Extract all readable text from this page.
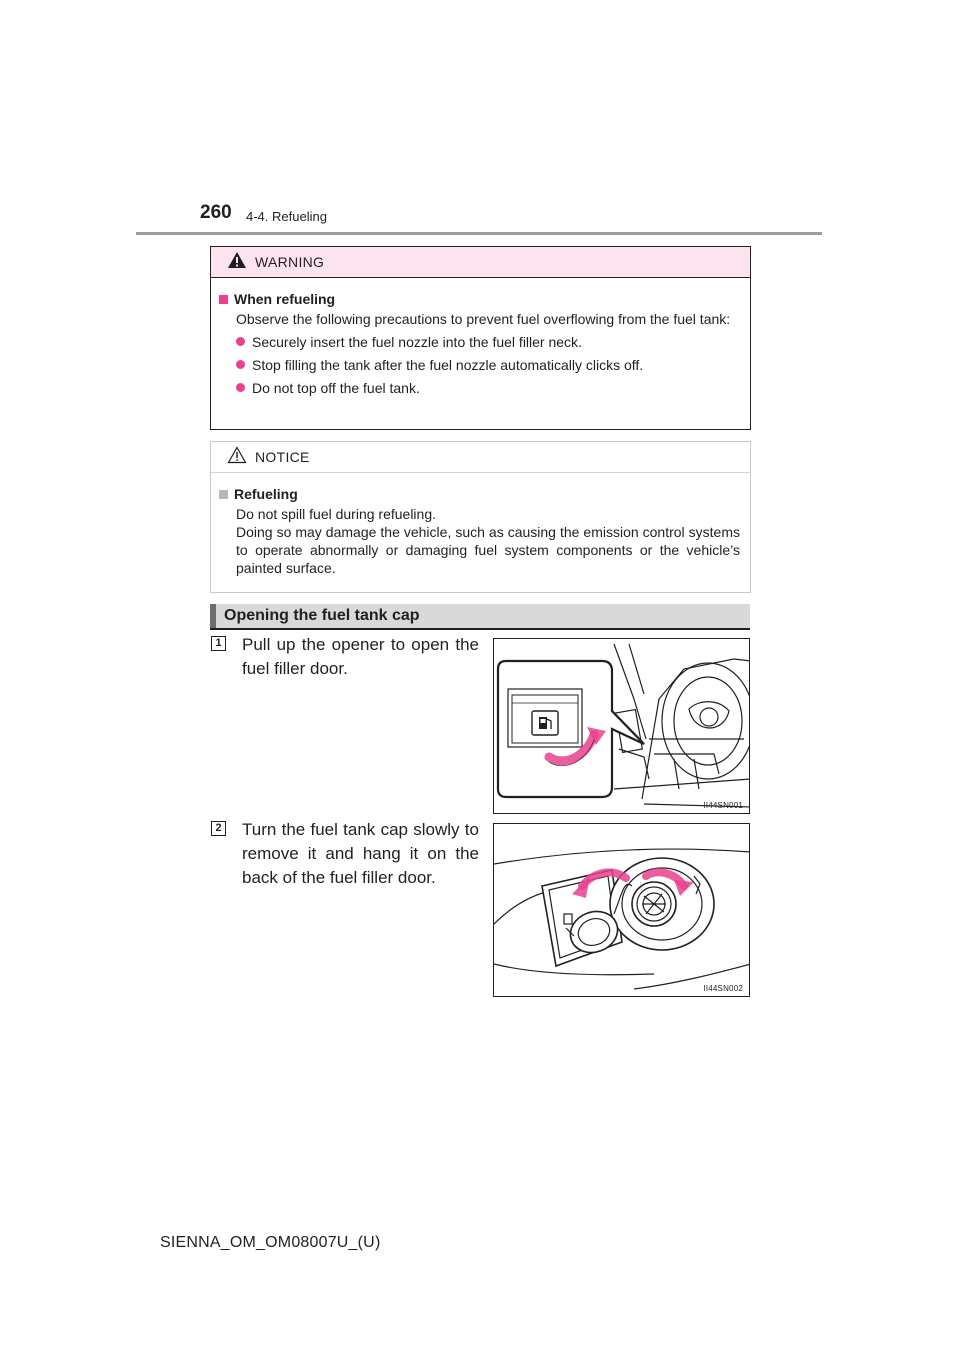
260 4-4. Refueling
WARNING
When refueling
Observe the following precautions to prevent fuel overflowing from the fuel tank:
Securely insert the fuel nozzle into the fuel filler neck.
Stop filling the tank after the fuel nozzle automatically clicks off.
Do not top off the fuel tank.
NOTICE
Refueling
Do not spill fuel during refueling.
Doing so may damage the vehicle, such as causing the emission control systems to operate abnormally or damaging fuel system components or the vehicle’s painted surface.
Opening the fuel tank cap
1 Pull up the opener to open the fuel filler door.
II44SN001
2 Turn the fuel tank cap slowly to remove it and hang it on the back of the fuel filler door.
II44SN002
SIENNA_OM_OM08007U_(U)
